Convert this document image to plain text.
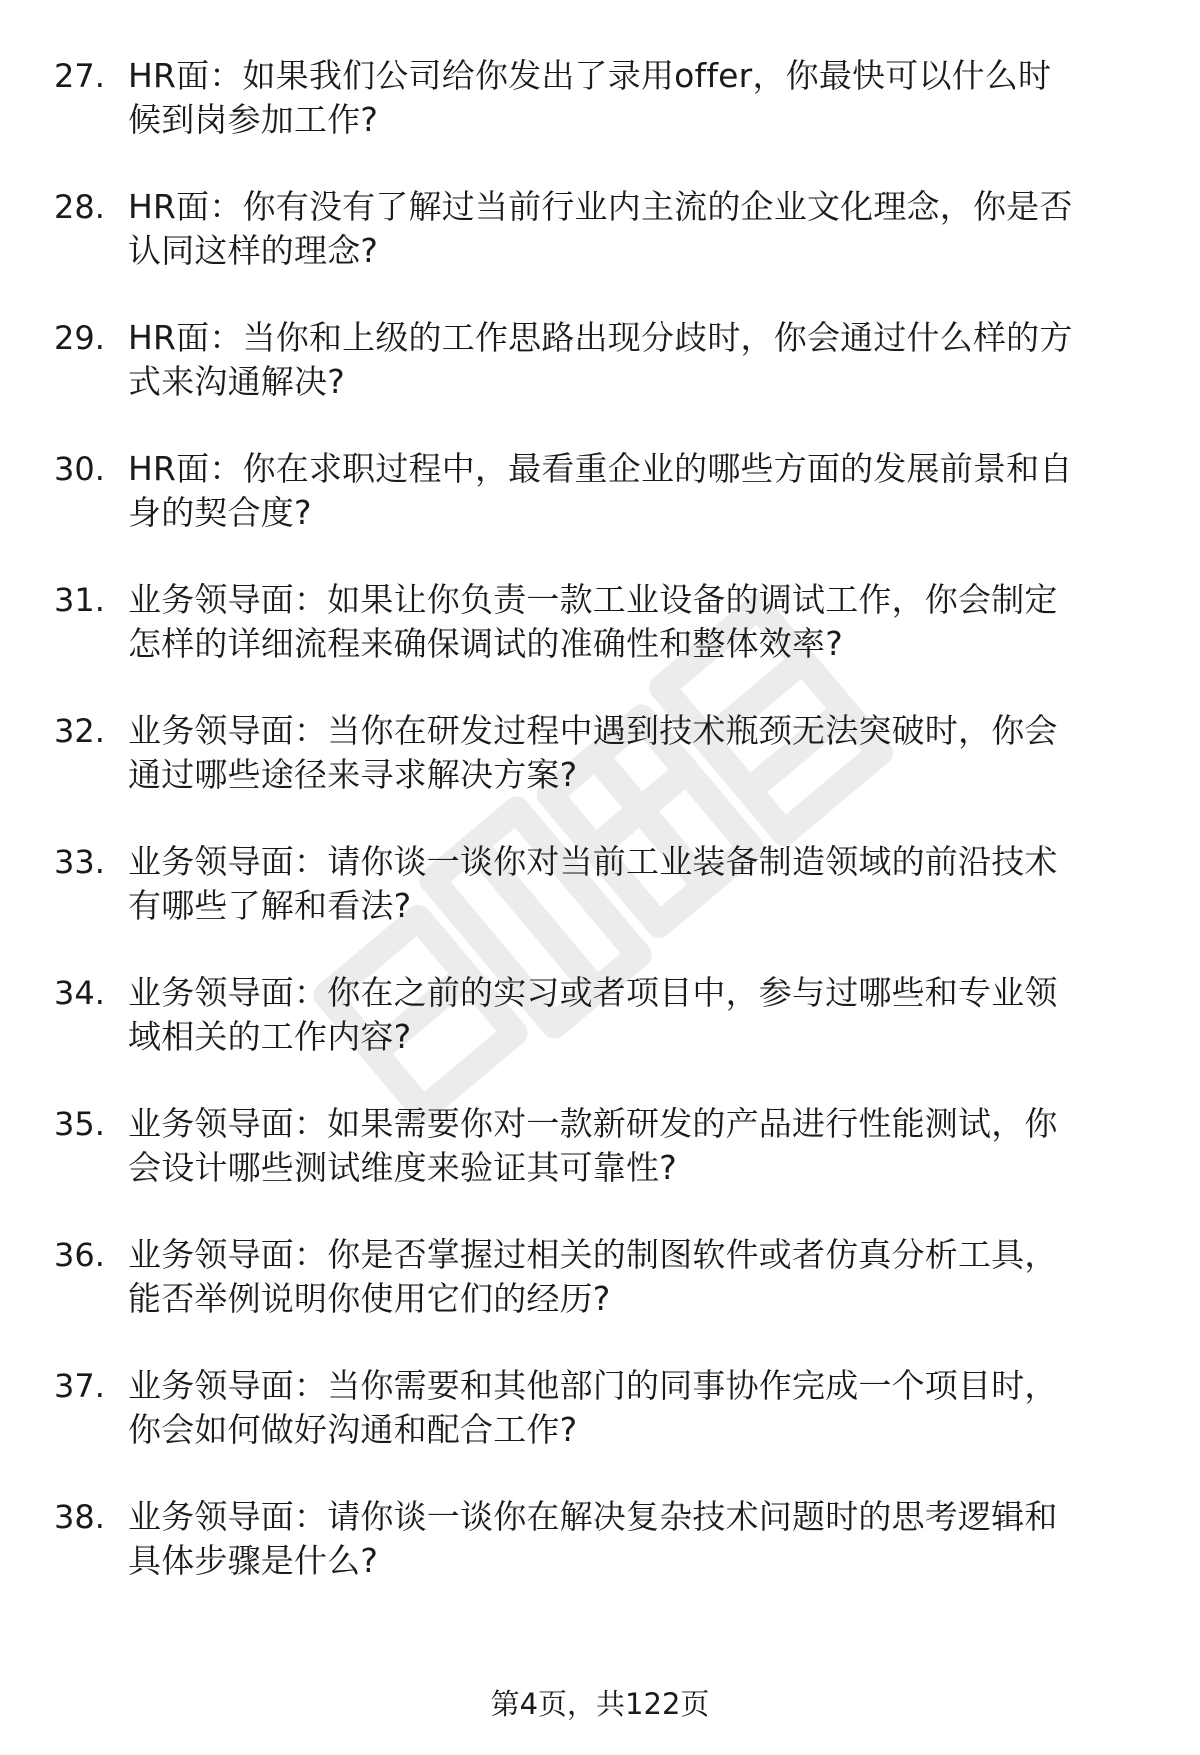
27. HR面：如果我们公司给你发出了录用offer，你最快可以什么时
候到岗参加工作?
28. HR面：你有没有了解过当前行业内主流的企业文化理念，你是否
认同这样的理念?
29. HR面：当你和上级的工作思路出现分歧时，你会通过什么样的方
式来沟通解决?
30. HR面：你在求职过程中，最看重企业的哪些方面的发展前景和自
身的契合度?
31. 业务领导面：如果让你负责一款工业设备的调试工作，你会制定
怎样的详细流程来确保调试的准确性和整体效率?
32. 业务领导面：当你在研发过程中遇到技术瓶颈无法突破时，你会
通过哪些途径来寻求解决方案?
33. 业务领导面：请你谈一谈你对当前工业装备制造领域的前沿技术
有哪些了解和看法?
34. 业务领导面：你在之前的实习或者项目中，参与过哪些和专业领
域相关的工作内容?
35. 业务领导面：如果需要你对一款新研发的产品进行性能测试，你
会设计哪些测试维度来验证其可靠性?
36. 业务领导面：你是否掌握过相关的制图软件或者仿真分析工具，
能否举例说明你使用它们的经历?
37. 业务领导面：当你需要和其他部门的同事协作完成一个项目时，
你会如何做好沟通和配合工作?
38. 业务领导面：请你谈一谈你在解决复杂技术问题时的思考逻辑和
具体步骤是什么?
第4页，共122页
